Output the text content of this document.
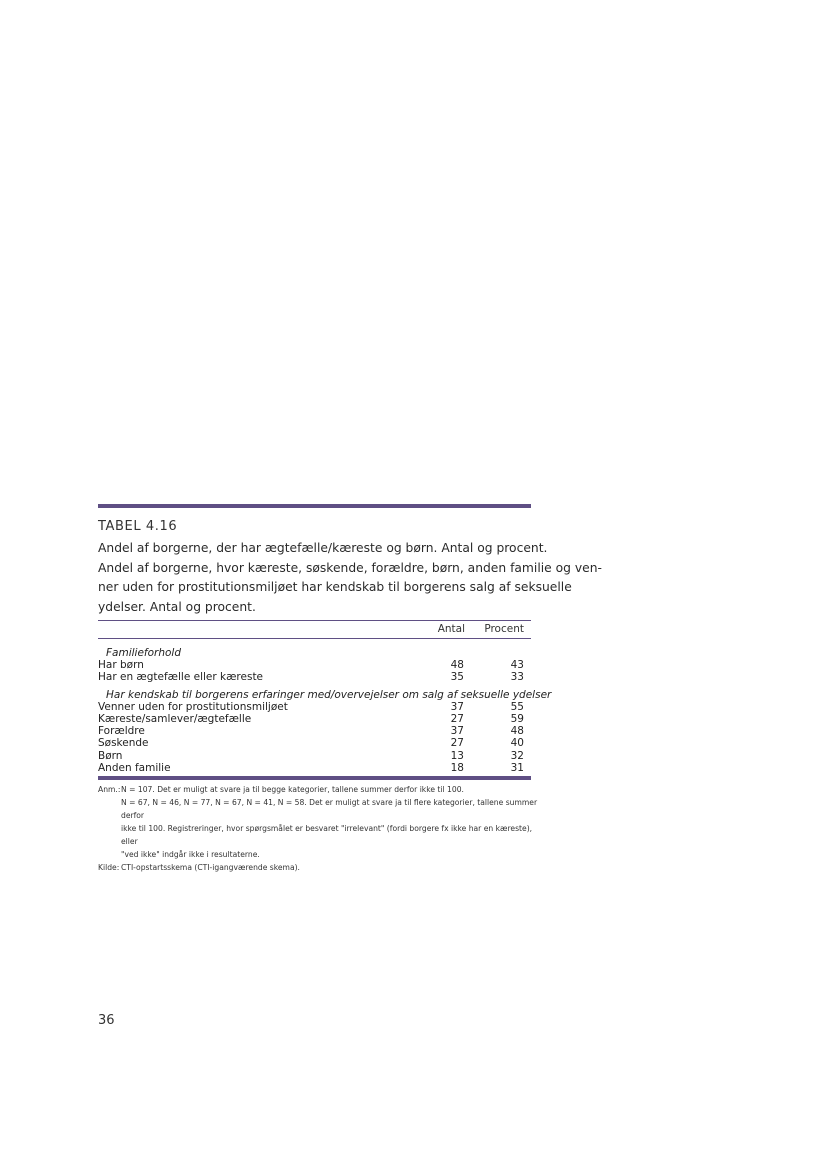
TABEL 4.16
Andel af borgerne, der har ægtefælle/kæreste og børn. Antal og procent.
Andel af borgerne, hvor kæreste, søskende, forældre, børn, anden familie og ven-
ner uden for prostitutionsmiljøet har kendskab til borgerens salg af seksuelle
ydelser. Antal og procent.
Antal Procent
Familieforhold
Har børn	48	43
Har en ægtefælle eller kæreste	35	33
Har kendskab til borgerens erfaringer med/overvejelser om salg af seksuelle ydelser
Venner uden for prostitutionsmiljøet	37	55
Kæreste/samlever/ægtefælle	27	59
Forældre	37	48
Søskende	27	40
Børn	13	32
Anden familie	18	31
Anm.: N = 107. Det er muligt at svare ja til begge kategorier, tallene summer derfor ikke til 100.
N = 67, N = 46, N = 77, N = 67, N = 41, N = 58. Det er muligt at svare ja til flere kategorier, tallene summer derfor
ikke til 100. Registreringer, hvor spørgsmålet er besvaret "irrelevant" (fordi borgere fx ikke har en kæreste), eller
"ved ikke" indgår ikke i resultaterne.
Kilde: CTI-opstartsskema (CTI-igangværende skema).
36
